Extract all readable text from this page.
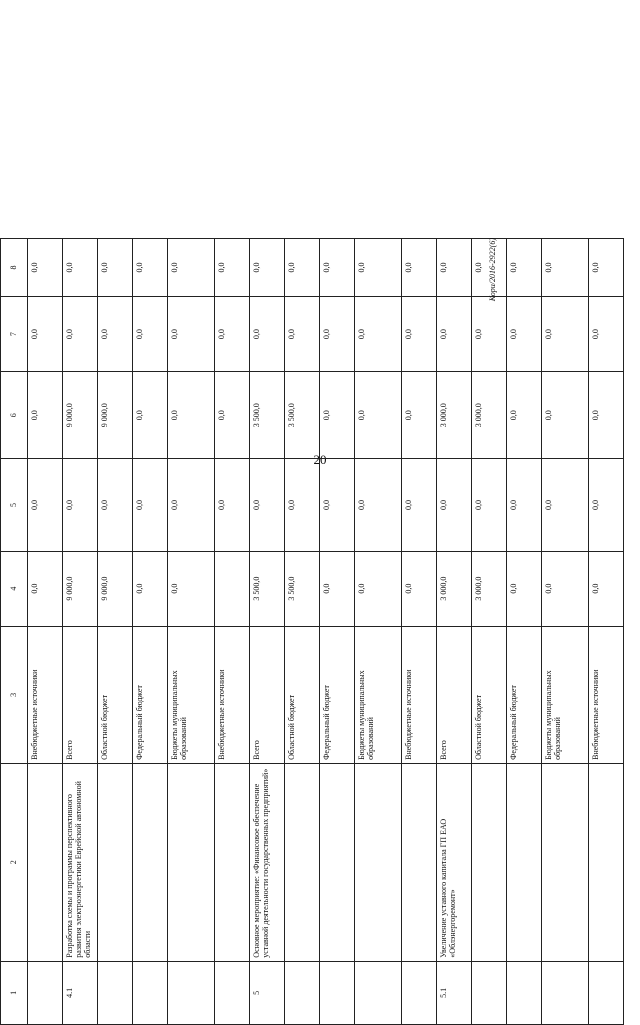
20
1	2	3	4	5	6	7	8
		Внебюджетные источники	0,0	0,0	0,0	0,0	0,0
4.1	Разработка схемы и программы перспективного развития электроэнергетики Еврейской автономной области	Всего	9 000,0	0,0	9 000,0	0,0	0,0
		Областной бюджет	9 000,0	0,0	9 000,0	0,0	0,0
		Федеральный бюджет	0,0	0,0	0,0	0,0	0,0
		Бюджеты муниципальных образований	0,0	0,0	0,0	0,0	0,0
		Внебюджетные источники		0,0	0,0	0,0	0,0
5	Основное мероприятие: «Финансовое обеспечение уставной деятельности государственных предприятий»	Всего	3 500,0	0,0	3 500,0	0,0	0,0
		Областной бюджет	3 500,0	0,0	3 500,0	0,0	0,0
		Федеральный бюджет	0,0	0,0	0,0	0,0	0,0
		Бюджеты муниципальных образований	0,0	0,0	0,0	0,0	0,0
		Внебюджетные источники	0,0	0,0	0,0	0,0	0,0
5.1	Увеличение уставного капитала ГП ЕАО «Облэнергоремонт»	Всего	3 000,0	0,0	3 000,0	0,0	0,0
		Областной бюджет	3 000,0	0,0	3 000,0	0,0	0,0
		Федеральный бюджет	0,0	0,0	0,0	0,0	0,0
		Бюджеты муниципальных образований	0,0	0,0	0,0	0,0	0,0
		Внебюджетные источники	0,0	0,0	0,0	0,0	0,0
Кори/2016-2922(6)
